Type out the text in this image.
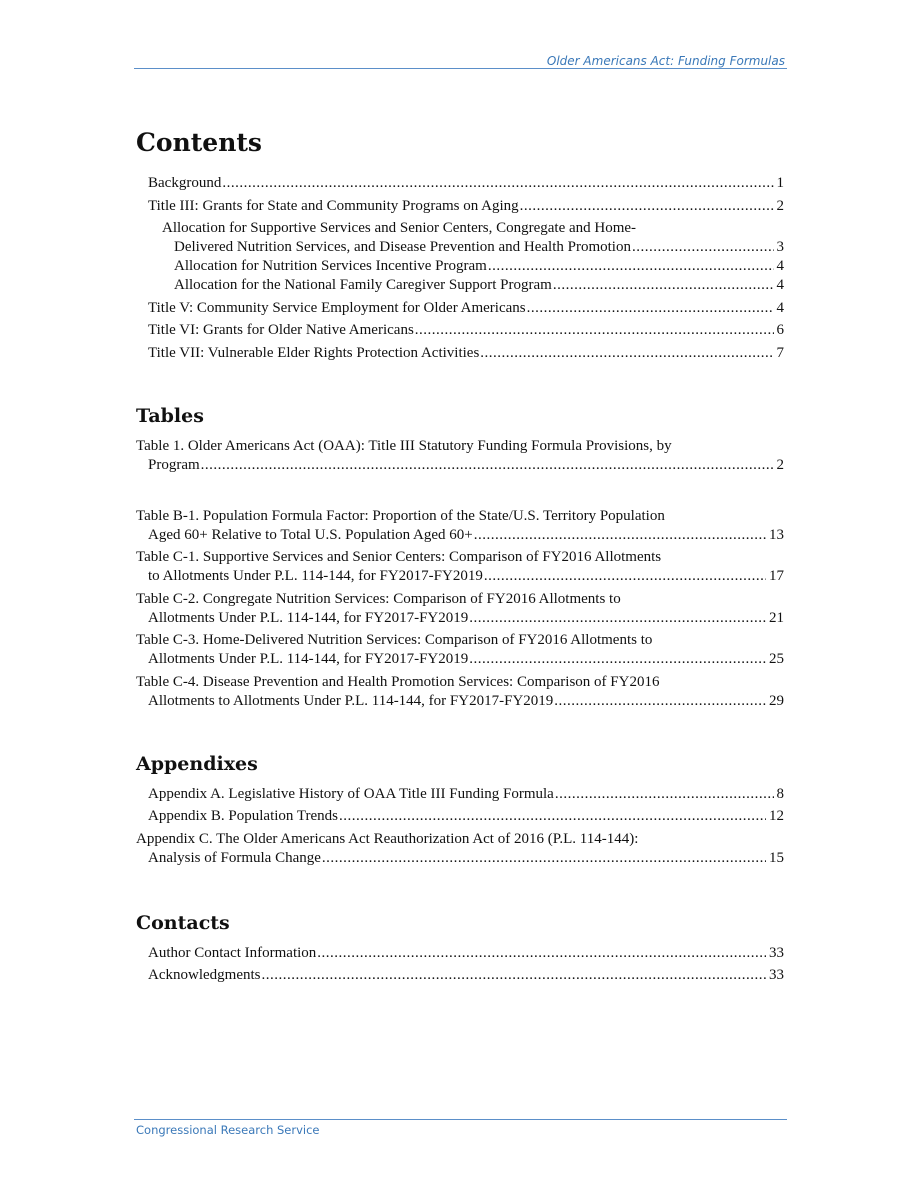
Older Americans Act: Funding Formulas
Contents
Background .....	1
Title III: Grants for State and Community Programs on Aging .....	2
Allocation for Supportive Services and Senior Centers, Congregate and Home-
Delivered Nutrition Services, and Disease Prevention and Health Promotion .....	3
Allocation for Nutrition Services Incentive Program .....	4
Allocation for the National Family Caregiver Support Program .....	4
Title V: Community Service Employment for Older Americans .....	4
Title VI: Grants for Older Native Americans .....	6
Title VII: Vulnerable Elder Rights Protection Activities .....	7
Tables
Table 1. Older Americans Act (OAA): Title III Statutory Funding Formula Provisions, by
Program .....	2
Table B-1. Population Formula Factor: Proportion of the State/U.S. Territory Population
Aged 60+ Relative to Total U.S. Population Aged 60+ .....	13
Table C-1. Supportive Services and Senior Centers: Comparison of FY2016 Allotments
to Allotments Under P.L. 114-144, for FY2017-FY2019 .....	17
Table C-2. Congregate Nutrition Services: Comparison of FY2016 Allotments to
Allotments Under P.L. 114-144, for FY2017-FY2019 .....	21
Table C-3. Home-Delivered Nutrition Services: Comparison of FY2016 Allotments to
Allotments Under P.L. 114-144, for FY2017-FY2019 .....	25
Table C-4. Disease Prevention and Health Promotion Services: Comparison of FY2016
Allotments to Allotments Under P.L. 114-144, for FY2017-FY2019 .....	29
Appendixes
Appendix A. Legislative History of OAA Title III Funding Formula .....	8
Appendix B. Population Trends .....	12
Appendix C. The Older Americans Act Reauthorization Act of 2016 (P.L. 114-144):
Analysis of Formula Change .....	15
Contacts
Author Contact Information .....	33
Acknowledgments .....	33
Congressional Research Service
